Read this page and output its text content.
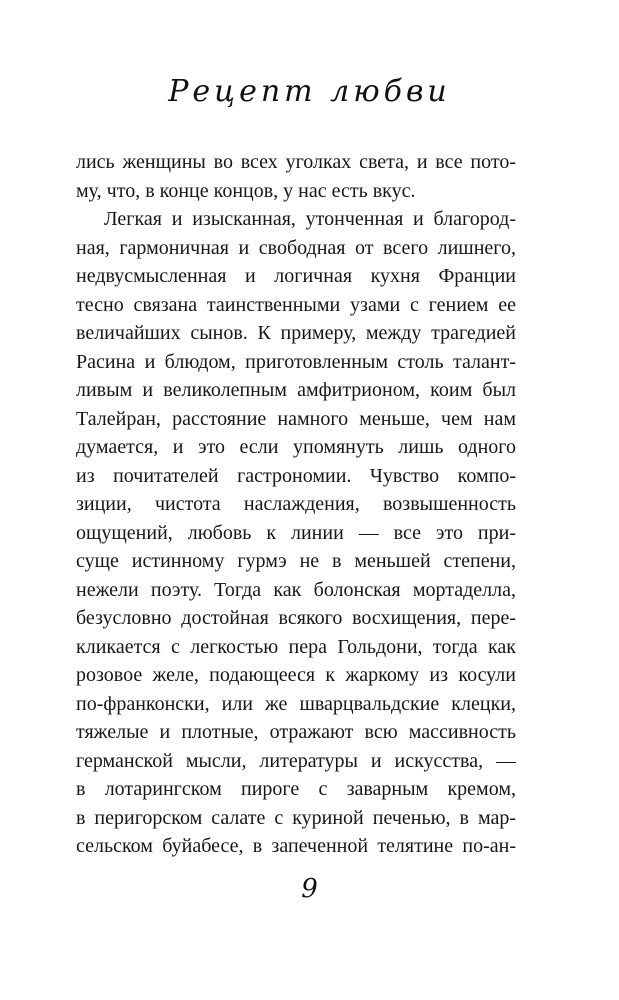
Рецепт любви
лись женщины во всех уголках света, и все пото-
му, что, в конце концов, у нас есть вкус.
Легкая и изысканная, утонченная и благород-
ная, гармоничная и свободная от всего лишнего,
недвусмысленная и логичная кухня Франции
тесно связана таинственными узами с гением ее
величайших сынов. К примеру, между трагедией
Расина и блюдом, приготовленным столь талант-
ливым и великолепным амфитрионом, коим был
Талейран, расстояние намного меньше, чем нам
думается, и это если упомянуть лишь одного
из почитателей гастрономии. Чувство компо-
зиции, чистота наслаждения, возвышенность
ощущений, любовь к линии — все это при-
суще истинному гурмэ не в меньшей степени,
нежели поэту. Тогда как болонская мортаделла,
безусловно достойная всякого восхищения, пере-
кликается с легкостью пера Гольдони, тогда как
розовое желе, подающееся к жаркому из косули
по-франконски, или же шварцвальдские клецки,
тяжелые и плотные, отражают всю массивность
германской мысли, литературы и искусства, —
в лотарингском пироге с заварным кремом,
в перигорском салате с куриной печенью, в мар-
сельском буйабесе, в запеченной телятине по-ан-
9
